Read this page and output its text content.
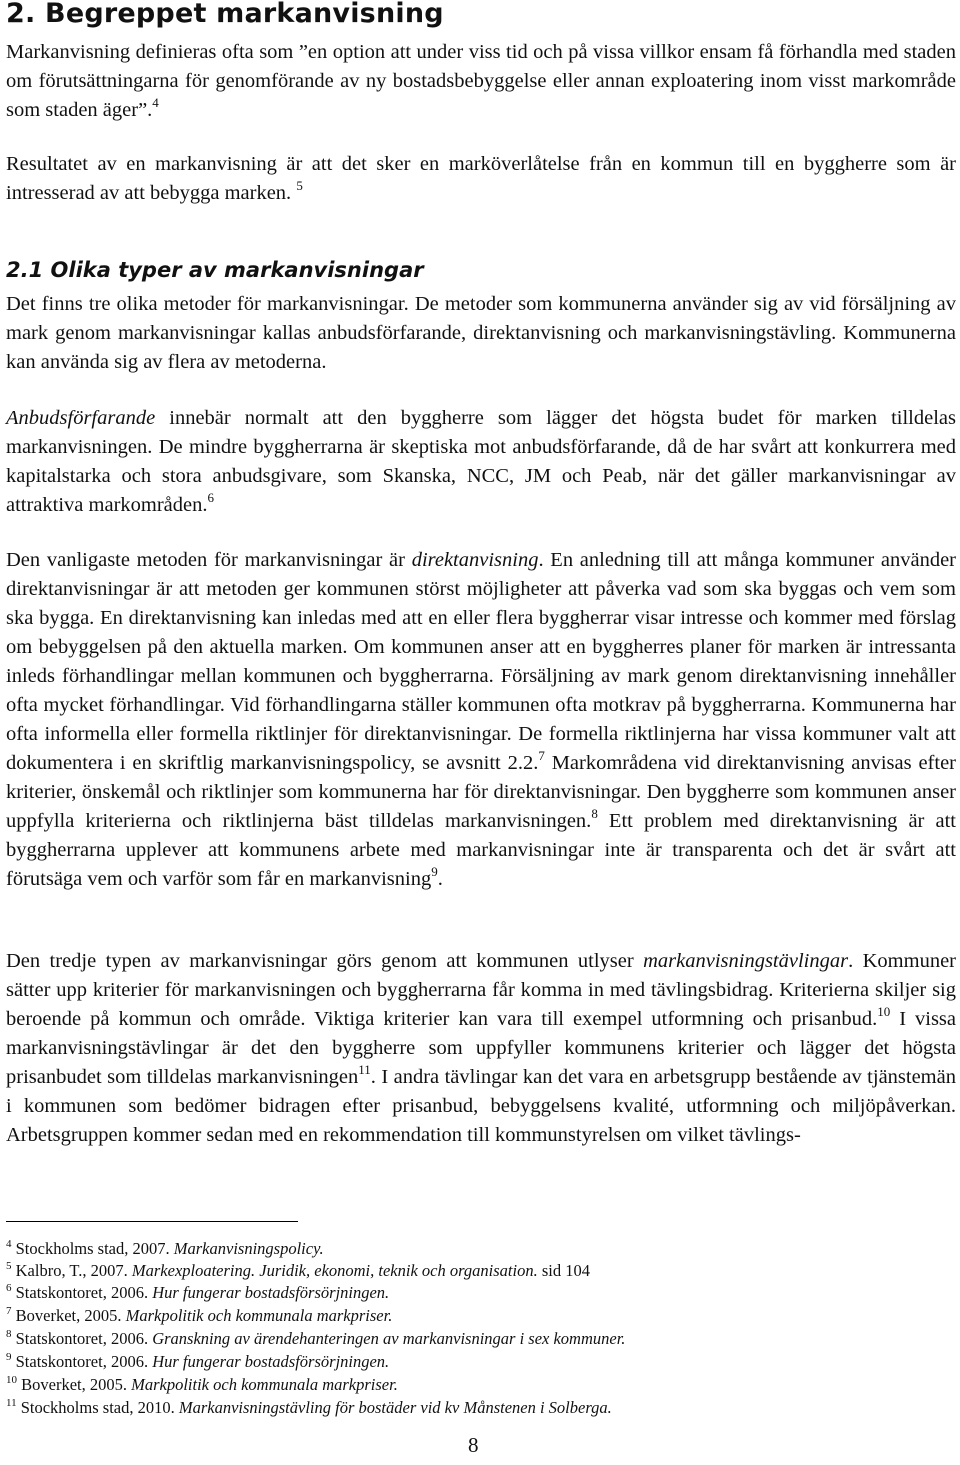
2. Begreppet markanvisning

Markanvisning definieras ofta som ”en option att under viss tid och på vissa villkor ensam få förhandla med staden om förutsättningarna för genomförande av ny bostadsbebyggelse eller annan exploatering inom visst markområde som staden äger”.$^4$

Resultatet av en markanvisning är att det sker en marköverlåtelse från en kommun till en byggherre som är intresserad av att bebygga marken. $^5$

2.1 Olika typer av markanvisningar

Det finns tre olika metoder för markanvisningar. De metoder som kommunerna använder sig av vid försäljning av mark genom markanvisningar kallas anbudsförfarande, direktanvisning och markanvisningstävling. Kommunerna kan använda sig av flera av metoderna.

Anbudsförfarande innebär normalt att den byggherre som lägger det högsta budet för marken tilldelas markanvisningen. De mindre byggherrarna är skeptiska mot anbudsförfarande, då de har svårt att konkurrera med kapitalstarka och stora anbudsgivare, som Skanska, NCC, JM och Peab, när det gäller markanvisningar av attraktiva markområden.$^6$

Den vanligaste metoden för markanvisningar är direktanvisning. En anledning till att många kommuner använder direktanvisningar är att metoden ger kommunen störst möjligheter att påverka vad som ska byggas och vem som ska bygga. En direktanvisning kan inledas med att en eller flera byggherrar visar intresse och kommer med förslag om bebyggelsen på den aktuella marken. Om kommunen anser att en byggherres planer för marken är intressanta inleds förhandlingar mellan kommunen och byggherrarna. Försäljning av mark genom direktanvisning innehåller ofta mycket förhandlingar. Vid förhandlingarna ställer kommunen ofta motkrav på byggherrarna. Kommunerna har ofta informella eller formella riktlinjer för direktanvisningar. De formella riktlinjerna har vissa kommuner valt att dokumentera i en skriftlig markanvisningspolicy, se avsnitt 2.2.$^7$ Markområdena vid direktanvisning anvisas efter kriterier, önskemål och riktlinjer som kommunerna har för direktanvisningar. Den byggherre som kommunen anser uppfylla kriterierna och riktlinjerna bäst tilldelas markanvisningen.$^8$ Ett problem med direktanvisning är att byggherrarna upplever att kommunens arbete med markanvisningar inte är transparenta och det är svårt att förutsäga vem och varför som får en markanvisning$^9$.

Den tredje typen av markanvisningar görs genom att kommunen utlyser markanvisningstävlingar. Kommuner sätter upp kriterier för markanvisningen och byggherrarna får komma in med tävlingsbidrag. Kriterierna skiljer sig beroende på kommun och område. Viktiga kriterier kan vara till exempel utformning och prisanbud.$^{10}$ I vissa markanvisningstävlingar är det den byggherre som uppfyller kommunens kriterier och lägger det högsta prisanbudet som tilldelas markanvisningen$^{11}$. I andra tävlingar kan det vara en arbetsgrupp bestående av tjänstemän i kommunen som bedömer bidragen efter prisanbud, bebyggelsens kvalité, utformning och miljöpåverkan. Arbetsgruppen kommer sedan med en rekommendation till kommunstyrelsen om vilket tävlings-

$^4$ Stockholms stad, 2007. Markanvisningspolicy.

$^5$ Kalbro, T., 2007. Markexploatering. Juridik, ekonomi, teknik och organisation. sid 104

$^6$ Statskontoret, 2006. Hur fungerar bostadsförsörjningen.

$^7$ Boverket, 2005. Markpolitik och kommunala markpriser.

$^8$ Statskontoret, 2006. Granskning av ärendehanteringen av markanvisningar i sex kommuner.

$^9$ Statskontoret, 2006. Hur fungerar bostadsförsörjningen.

$^{10}$ Boverket, 2005. Markpolitik och kommunala markpriser.

$^{11}$ Stockholms stad, 2010. Markanvisningstävling för bostäder vid kv Månstenen i Solberga.

8
